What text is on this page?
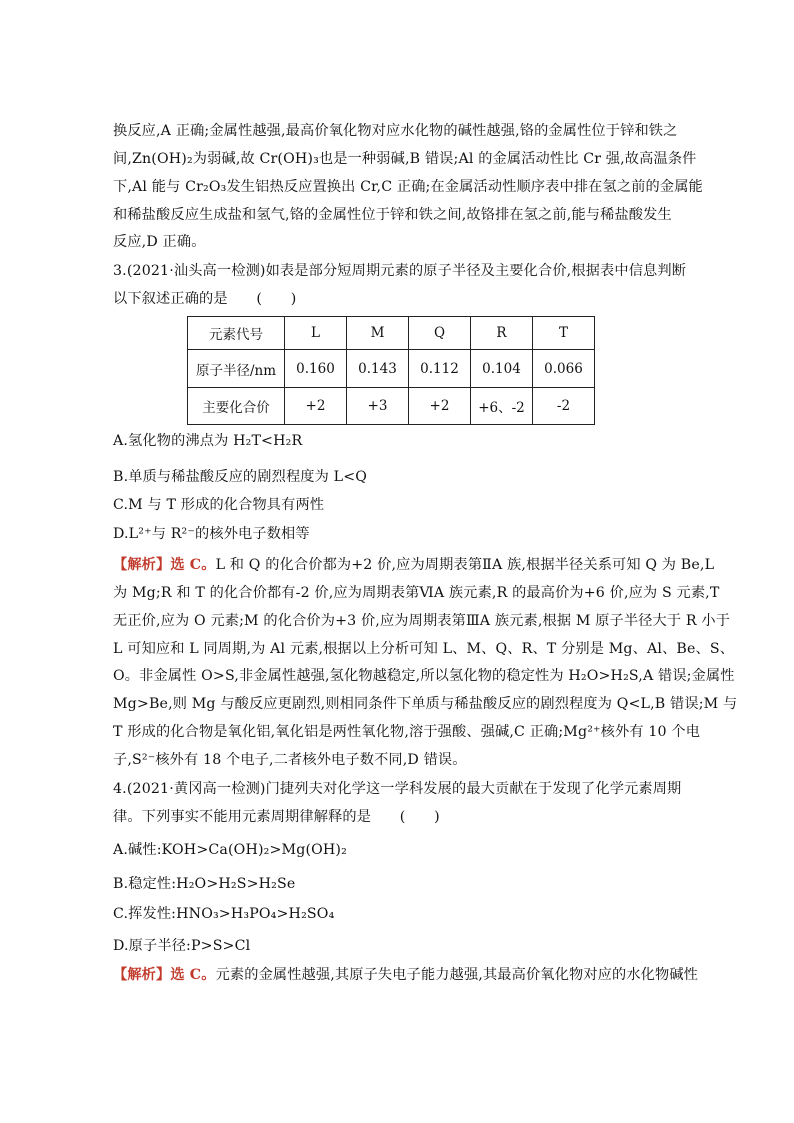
换反应,A 正确;金属性越强,最高价氧化物对应水化物的碱性越强,铬的金属性位于锌和铁之
间,Zn(OH)₂为弱碱,故 Cr(OH)₃也是一种弱碱,B 错误;Al 的金属活动性比 Cr 强,故高温条件
下,Al 能与 Cr₂O₃发生铝热反应置换出 Cr,C 正确;在金属活动性顺序表中排在氢之前的金属能
和稀盐酸反应生成盐和氢气,铬的金属性位于锌和铁之间,故铬排在氢之前,能与稀盐酸发生
反应,D 正确。
3.(2021·汕头高一检测)如表是部分短周期元素的原子半径及主要化合价,根据表中信息判断
以下叙述正确的是　　(　　)
元素代号	L	M	Q	R	T
原子半径/nm	0.160	0.143	0.112	0.104	0.066
主要化合价	+2	+3	+2	+6、-2	-2
A.氢化物的沸点为 H₂T<H₂R
B.单质与稀盐酸反应的剧烈程度为 L<Q
C.M 与 T 形成的化合物具有两性
D.L²⁺与 R²⁻的核外电子数相等
【解析】选 C。L 和 Q 的化合价都为+2 价,应为周期表第ⅡA 族,根据半径关系可知 Q 为 Be,L
为 Mg;R 和 T 的化合价都有-2 价,应为周期表第ⅥA 族元素,R 的最高价为+6 价,应为 S 元素,T
无正价,应为 O 元素;M 的化合价为+3 价,应为周期表第ⅢA 族元素,根据 M 原子半径大于 R 小于
L 可知应和 L 同周期,为 Al 元素,根据以上分析可知 L、M、Q、R、T 分别是 Mg、Al、Be、S、
O。非金属性 O>S,非金属性越强,氢化物越稳定,所以氢化物的稳定性为 H₂O>H₂S,A 错误;金属性
Mg>Be,则 Mg 与酸反应更剧烈,则相同条件下单质与稀盐酸反应的剧烈程度为 Q<L,B 错误;M 与
T 形成的化合物是氧化铝,氧化铝是两性氧化物,溶于强酸、强碱,C 正确;Mg²⁺核外有 10 个电
子,S²⁻核外有 18 个电子,二者核外电子数不同,D 错误。
4.(2021·黄冈高一检测)门捷列夫对化学这一学科发展的最大贡献在于发现了化学元素周期
律。下列事实不能用元素周期律解释的是　　(　　)
A.碱性:KOH>Ca(OH)₂>Mg(OH)₂
B.稳定性:H₂O>H₂S>H₂Se
C.挥发性:HNO₃>H₃PO₄>H₂SO₄
D.原子半径:P>S>Cl
【解析】选 C。元素的金属性越强,其原子失电子能力越强,其最高价氧化物对应的水化物碱性
